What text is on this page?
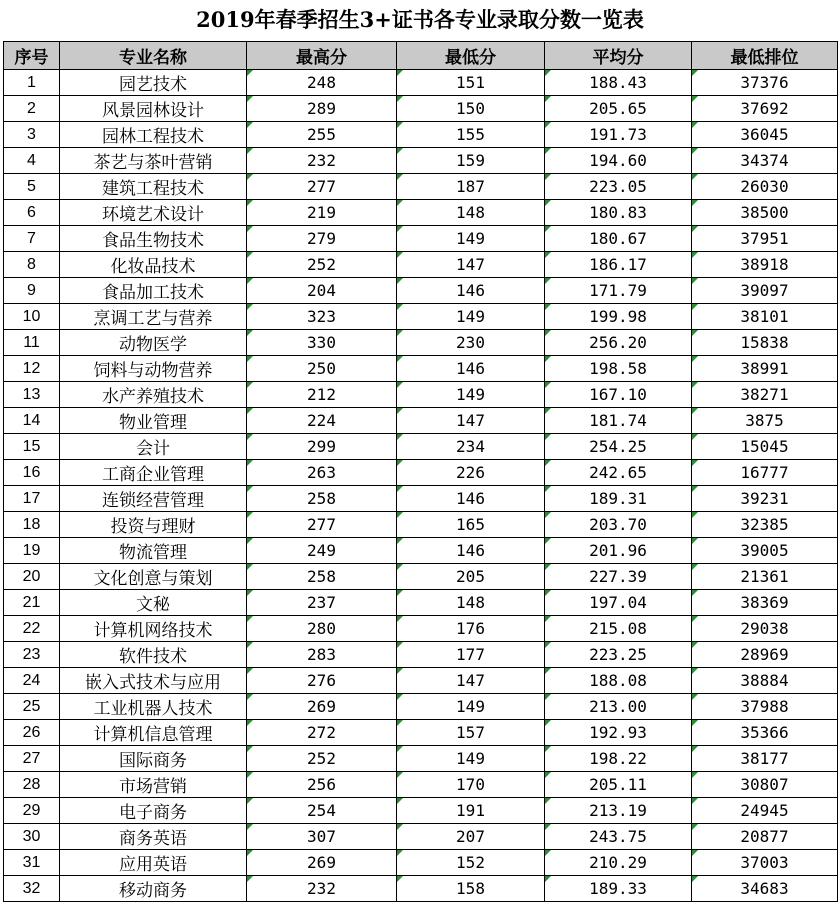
2019年春季招生3+证书各专业录取分数一览表
序号	专业名称	最高分	最低分	平均分	最低排位
1	园艺技术	248	151	188.43	37376
2	风景园林设计	289	150	205.65	37692
3	园林工程技术	255	155	191.73	36045
4	茶艺与茶叶营销	232	159	194.60	34374
5	建筑工程技术	277	187	223.05	26030
6	环境艺术设计	219	148	180.83	38500
7	食品生物技术	279	149	180.67	37951
8	化妆品技术	252	147	186.17	38918
9	食品加工技术	204	146	171.79	39097
10	烹调工艺与营养	323	149	199.98	38101
11	动物医学	330	230	256.20	15838
12	饲料与动物营养	250	146	198.58	38991
13	水产养殖技术	212	149	167.10	38271
14	物业管理	224	147	181.74	3875
15	会计	299	234	254.25	15045
16	工商企业管理	263	226	242.65	16777
17	连锁经营管理	258	146	189.31	39231
18	投资与理财	277	165	203.70	32385
19	物流管理	249	146	201.96	39005
20	文化创意与策划	258	205	227.39	21361
21	文秘	237	148	197.04	38369
22	计算机网络技术	280	176	215.08	29038
23	软件技术	283	177	223.25	28969
24	嵌入式技术与应用	276	147	188.08	38884
25	工业机器人技术	269	149	213.00	37988
26	计算机信息管理	272	157	192.93	35366
27	国际商务	252	149	198.22	38177
28	市场营销	256	170	205.11	30807
29	电子商务	254	191	213.19	24945
30	商务英语	307	207	243.75	20877
31	应用英语	269	152	210.29	37003
32	移动商务	232	158	189.33	34683
